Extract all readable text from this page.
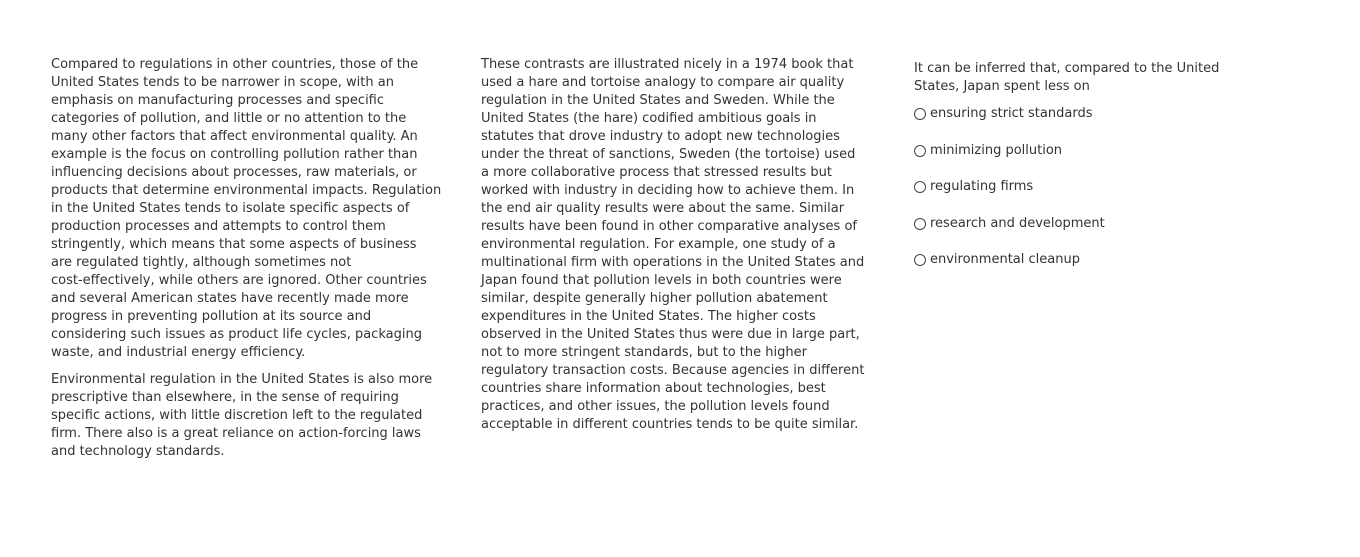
Compared to regulations in other countries, those of the
United States tends to be narrower in scope, with an
emphasis on manufacturing processes and specific
categories of pollution, and little or no attention to the
many other factors that affect environmental quality. An
example is the focus on controlling pollution rather than
influencing decisions about processes, raw materials, or
products that determine environmental impacts. Regulation
in the United States tends to isolate specific aspects of
production processes and attempts to control them
stringently, which means that some aspects of business
are regulated tightly, although sometimes not
cost-effectively, while others are ignored. Other countries
and several American states have recently made more
progress in preventing pollution at its source and
considering such issues as product life cycles, packaging
waste, and industrial energy efficiency.

Environmental regulation in the United States is also more
prescriptive than elsewhere, in the sense of requiring
specific actions, with little discretion left to the regulated
firm. There also is a great reliance on action-forcing laws
and technology standards.

These contrasts are illustrated nicely in a 1974 book that
used a hare and tortoise analogy to compare air quality
regulation in the United States and Sweden. While the
United States (the hare) codified ambitious goals in
statutes that drove industry to adopt new technologies
under the threat of sanctions, Sweden (the tortoise) used
a more collaborative process that stressed results but
worked with industry in deciding how to achieve them. In
the end air quality results were about the same. Similar
results have been found in other comparative analyses of
environmental regulation. For example, one study of a
multinational firm with operations in the United States and
Japan found that pollution levels in both countries were
similar, despite generally higher pollution abatement
expenditures in the United States. The higher costs
observed in the United States thus were due in large part,
not to more stringent standards, but to the higher
regulatory transaction costs. Because agencies in different
countries share information about technologies, best
practices, and other issues, the pollution levels found
acceptable in different countries tends to be quite similar.

It can be inferred that, compared to the United
States, Japan spent less on

ensuring strict standards
minimizing pollution
regulating firms
research and development
environmental cleanup
